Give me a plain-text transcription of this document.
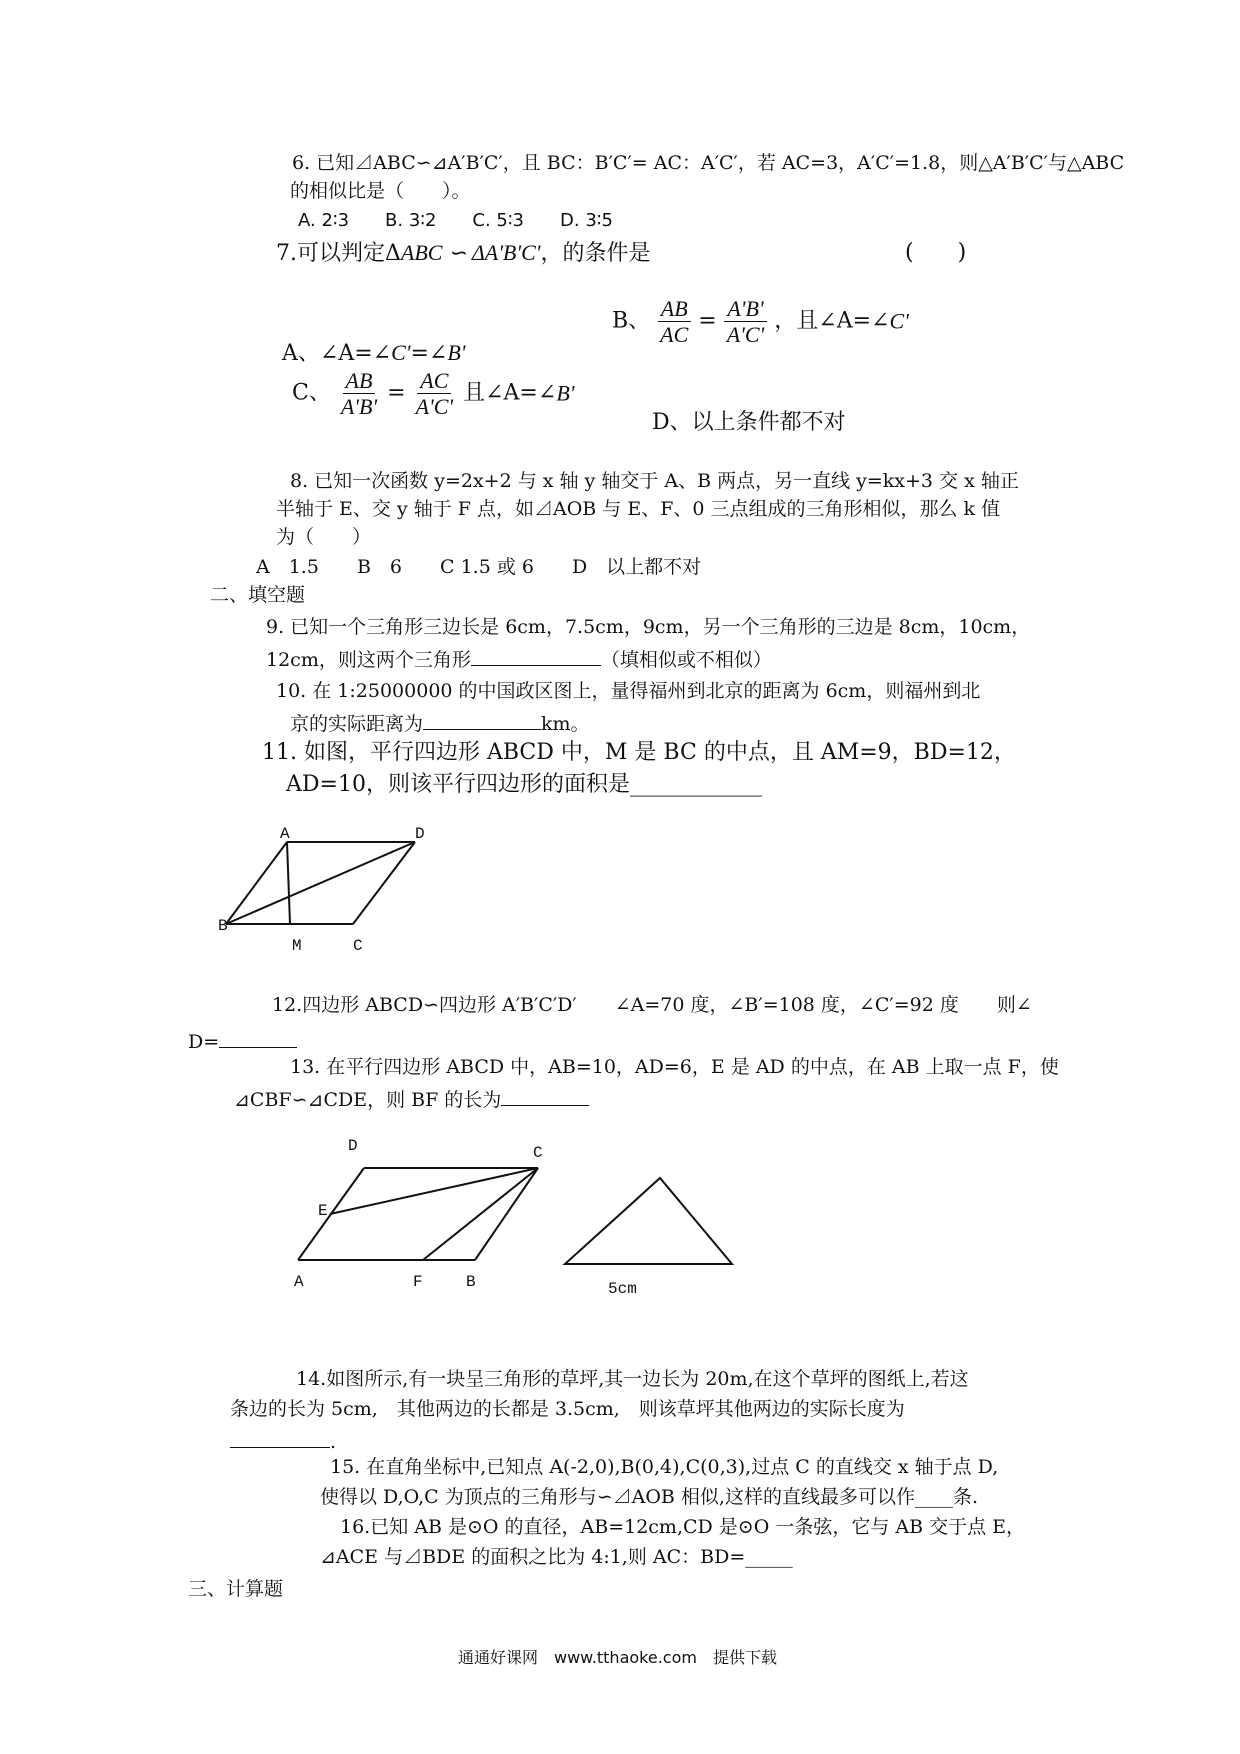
6. 已知⊿ABC∽⊿A′B′C′，且 BC：B′C′= AC：A′C′，若 AC=3，A′C′=1.8，则△A′B′C′与△ABC
的相似比是（　　）。
A. 2∶3　　B. 3∶2　　C. 5∶3　　D. 3∶5
7.可以判定ΔABC ∽ ΔA'B'C'，的条件是	(　　)
A、∠A=∠C'=∠B'
B、 $\frac{AB}{AC} = \frac{A'B'}{A'C'}$ ，且∠A=∠C'
C、 $\frac{AB}{A'B'} = \frac{AC}{A'C'}$ 且∠A=∠B'
D、以上条件都不对
8. 已知一次函数 y=2x+2 与 x 轴 y 轴交于 A、B 两点，另一直线 y=kx+3 交 x 轴正
半轴于 E、交 y 轴于 F 点，如⊿AOB 与 E、F、0 三点组成的三角形相似，那么 k 值
为（　　）
A　1.5　　B　6　　C 1.5 或 6　　D　以上都不对
二、填空题
9. 已知一个三角形三边长是 6cm，7.5cm，9cm，另一个三角形的三边是 8cm，10cm，
12cm，则这两个三角形	（填相似或不相似）
10. 在 1:25000000 的中国政区图上，量得福州到北京的距离为 6cm，则福州到北
京的实际距离为	km。
11. 如图，平行四边形 ABCD 中，M 是 BC 的中点，且 AM=9，BD=12，
AD=10，则该平行四边形的面积是____________
A	D
B
M	C
12.四边形 ABCD∽四边形 A′B′C′D′　　∠A=70 度，∠B′=108 度，∠C′=92 度　　则∠
D=
13. 在平行四边形 ABCD 中，AB=10，AD=6，E 是 AD 的中点，在 AB 上取一点 F，使
⊿CBF∽⊿CDE，则 BF 的长为
D	C
E
A	F	B	5cm
14.如图所示,有一块呈三角形的草坪,其一边长为 20m,在这个草坪的图纸上,若这
条边的长为 5cm,　其他两边的长都是 3.5cm,　则该草坪其他两边的实际长度为
.
15. 在直角坐标中,已知点 A(-2,0),B(0,4),C(0,3),过点 C 的直线交 x 轴于点 D,
使得以 D,O,C 为顶点的三角形与∽⊿AOB 相似,这样的直线最多可以作____条.
16.已知 AB 是⊙O 的直径，AB=12cm,CD 是⊙O 一条弦，它与 AB 交于点 E，
⊿ACE 与⊿BDE 的面积之比为 4:1,则 AC：BD=_____
三、计算题
通通好课网　www.tthaoke.com　提供下载
